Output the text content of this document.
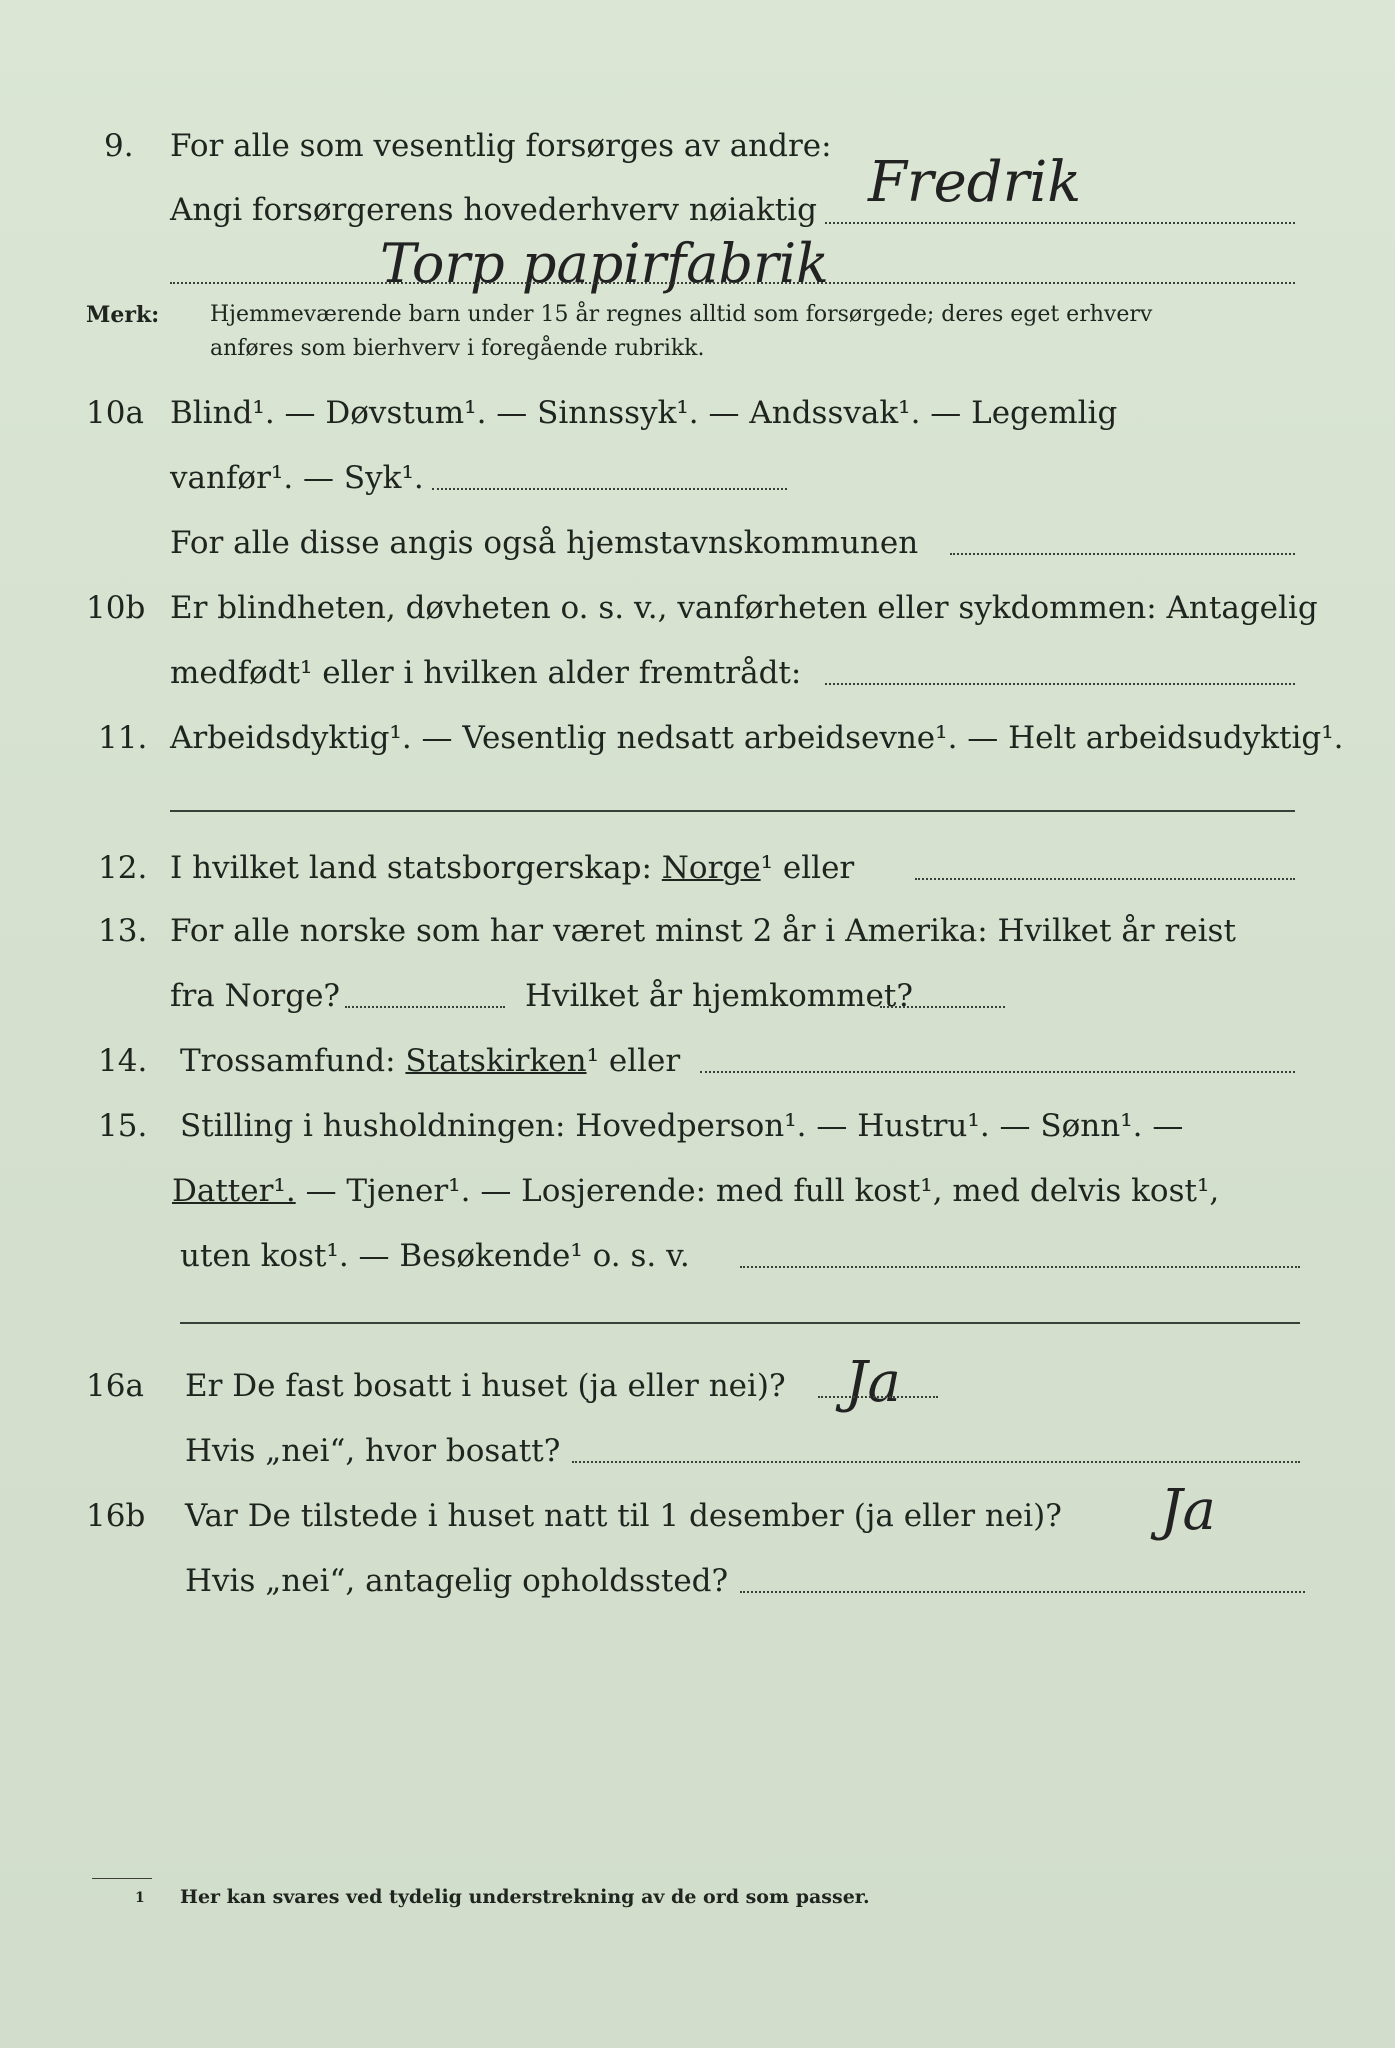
9. For alle som vesentlig forsørges av andre:
Fredrik
Angi forsørgerens hovederhverv nøiaktig
Torp papirfabrik
Merk: Hjemmeværende barn under 15 år regnes alltid som forsørgede; deres eget erhverv
anføres som bierhverv i foregående rubrikk.
10a Blind¹. — Døvstum¹. — Sinnssyk¹. — Andssvak¹. — Legemlig
vanfør¹. — Syk¹.
For alle disse angis også hjemstavnskommunen
10b Er blindheten, døvheten o. s. v., vanførheten eller sykdommen: Antagelig
medfødt¹ eller i hvilken alder fremtrådt:
11. Arbeidsdyktig¹. — Vesentlig nedsatt arbeidsevne¹. — Helt arbeidsudyktig¹.
12. I hvilket land statsborgerskap: Norge¹ eller
13. For alle norske som har været minst 2 år i Amerika: Hvilket år reist
fra Norge?	Hvilket år hjemkommet?
14. Trossamfund: Statskirken¹ eller
15. Stilling i husholdningen: Hovedperson¹. — Hustru¹. — Sønn¹. —
Datter¹. — Tjener¹. — Losjerende: med full kost¹, med delvis kost¹,
uten kost¹. — Besøkende¹ o. s. v.
16a Er De fast bosatt i huset (ja eller nei)? Ja
Hvis „nei“, hvor bosatt?
16b Var De tilstede i huset natt til 1 desember (ja eller nei)? Ja
Hvis „nei“, antagelig opholdssted?
1 Her kan svares ved tydelig understrekning av de ord som passer.
